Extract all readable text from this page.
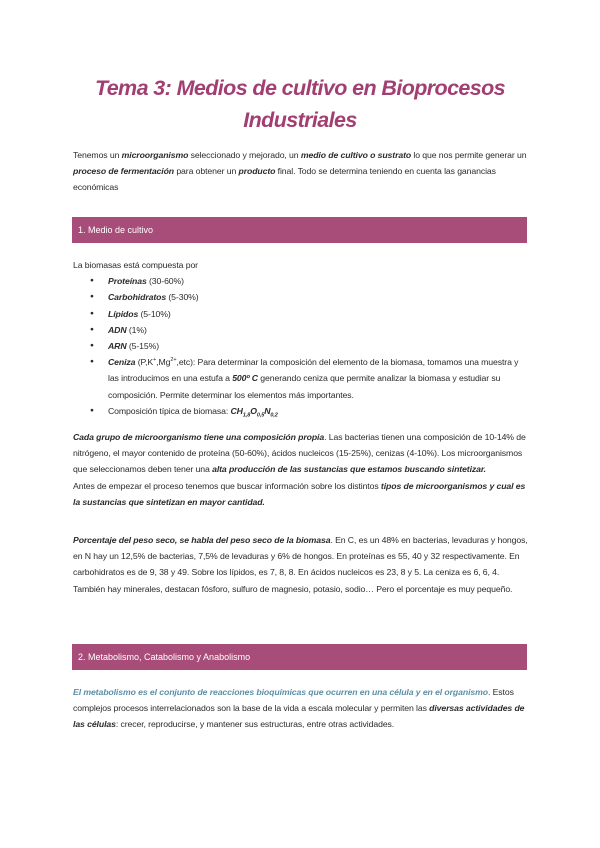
Tema 3: Medios de cultivo en Bioprocesos
Industriales

Tenemos un microorganismo seleccionado y mejorado, un medio de cultivo o sustrato lo que nos permite generar un proceso de fermentación para obtener un producto final. Todo se determina teniendo en cuenta las ganancias económicas

1. Medio de cultivo
La biomasas está compuesta por
● Proteínas (30-60%)
● Carbohidratos (5-30%)
● Lípidos (5-10%)
● ADN (1%)
● ARN (5-15%)
● Ceniza $(P,K^+,Mg^{2+},etc)$: Para determinar la composición del elemento de la biomasa, tomamos una muestra y las introducimos en una estufa a 500º C generando ceniza que permite analizar la biomasa y estudiar su composición. Permite determinar los elementos más importantes.
● Composición típica de biomasa: $CH_{1,8}O_{0,5}N_{0,2}$
Cada grupo de microorganismo tiene una composición propia. Las bacterias tienen una composición de 10-14% de nitrógeno, el mayor contenido de proteína (50-60%), ácidos nucleicos (15-25%), cenizas (4-10%). Los microorganismos que seleccionamos deben tener una alta producción de las sustancias que estamos buscando sintetizar.
Antes de empezar el proceso tenemos que buscar información sobre los distintos tipos de microorganismos y cual es la sustancias que sintetizan en mayor cantidad.
Porcentaje del peso seco, se habla del peso seco de la biomasa. En C, es un 48% en bacterias, levaduras y hongos, en N hay un 12,5% de bacterias, 7,5% de levaduras y 6% de hongos. En proteínas es 55, 40 y 32 respectivamente. En carbohidratos es de 9, 38 y 49. Sobre los lípidos, es 7, 8, 8. En ácidos nucleicos es 23, 8 y 5. La ceniza es 6, 6, 4.
También hay minerales, destacan fósforo, sulfuro de magnesio, potasio, sodio… Pero el porcentaje es muy pequeño.
2. Metabolismo, Catabolismo y Anabolismo

El metabolismo es el conjunto de reacciones bioquímicas que ocurren en una célula y en el organismo. Estos complejos procesos interrelacionados son la base de la vida a escala molecular y permiten las diversas actividades de las células: crecer, reproducirse, y mantener sus estructuras, entre otras actividades.
